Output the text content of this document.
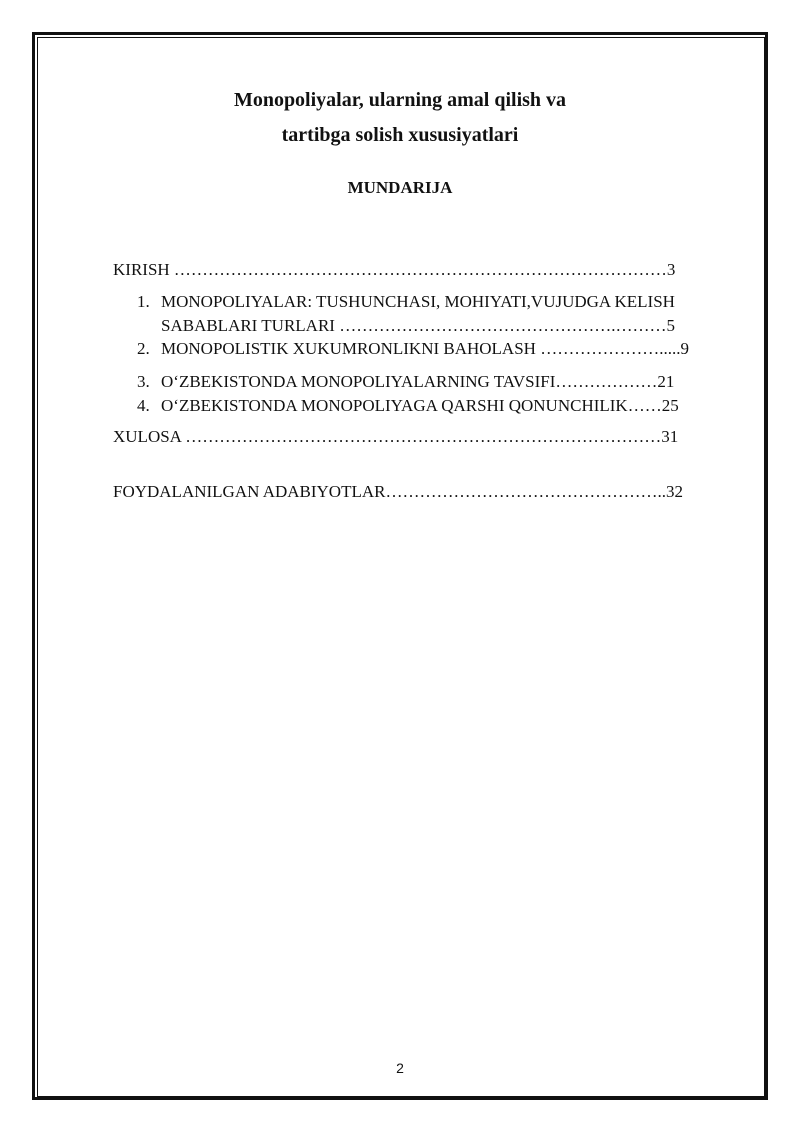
Monopoliyalar, ularning amal qilish va
tartibga solish xususiyatlari
MUNDARIJA
KIRISH ……………………………………………………………………………3
1. MONOPOLIYALAR: TUSHUNCHASI, MOHIYATI,VUJUDGA KELISH
SABABLARI TURLARI ………………………………………….………5
2. MONOPOLISTIK XUKUMRONLIKNI BAHOLASH ………………….....9
3. O‘ZBEKISTONDA MONOPOLIYALARNING TAVSIFI………………21
4. O‘ZBEKISTONDA MONOPOLIYAGA QARSHI QONUNCHILIK……25
XULOSA …………………………………………………………………………31
FOYDALANILGAN ADABIYOTLAR…………………………………………..32
2
